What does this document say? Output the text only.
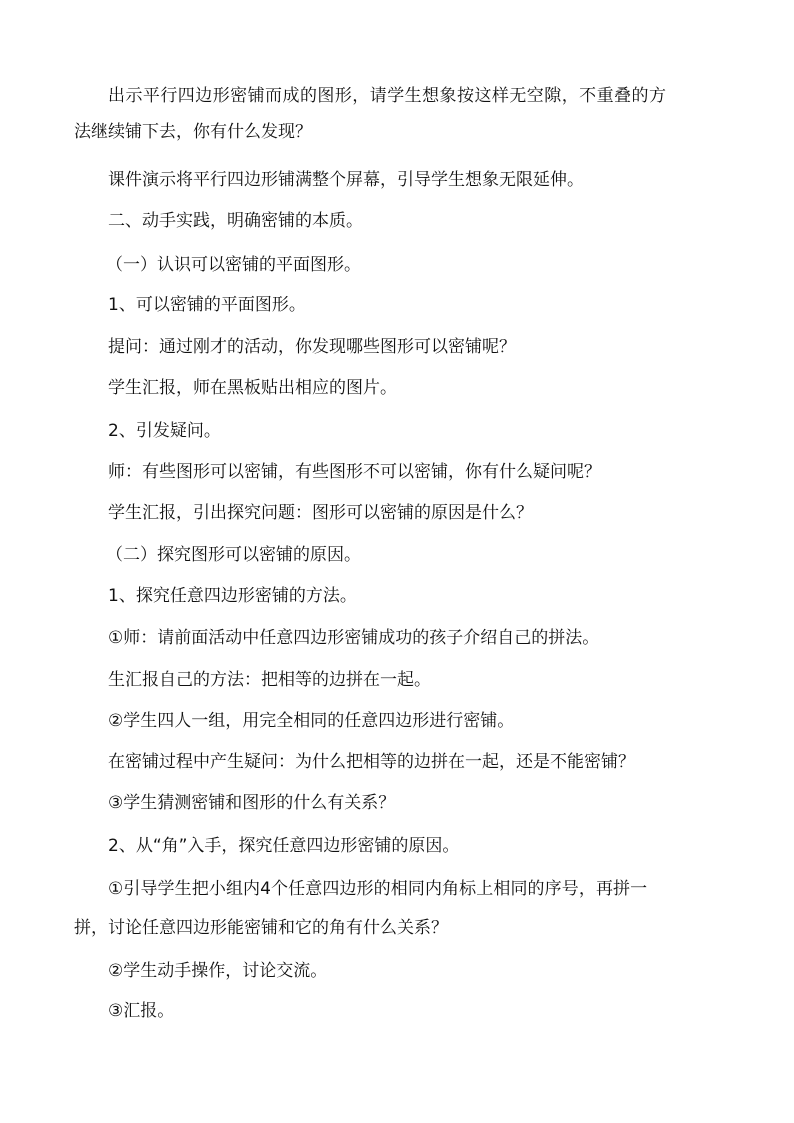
出示平行四边形密铺而成的图形，请学生想象按这样无空隙，不重叠的方
法继续铺下去，你有什么发现？
课件演示将平行四边形铺满整个屏幕，引导学生想象无限延伸。
二、动手实践，明确密铺的本质。
（一）认识可以密铺的平面图形。
1、可以密铺的平面图形。
提问：通过刚才的活动，你发现哪些图形可以密铺呢？
学生汇报，师在黑板贴出相应的图片。
2、引发疑问。
师：有些图形可以密铺，有些图形不可以密铺，你有什么疑问呢？
学生汇报，引出探究问题：图形可以密铺的原因是什么？
（二）探究图形可以密铺的原因。
1、探究任意四边形密铺的方法。
①师：请前面活动中任意四边形密铺成功的孩子介绍自己的拼法。
生汇报自己的方法：把相等的边拼在一起。
②学生四人一组，用完全相同的任意四边形进行密铺。
在密铺过程中产生疑问：为什么把相等的边拼在一起，还是不能密铺？
③学生猜测密铺和图形的什么有关系？
2、从“角”入手，探究任意四边形密铺的原因。
①引导学生把小组内4个任意四边形的相同内角标上相同的序号，再拼一
拼，讨论任意四边形能密铺和它的角有什么关系？
②学生动手操作，讨论交流。
③汇报。
